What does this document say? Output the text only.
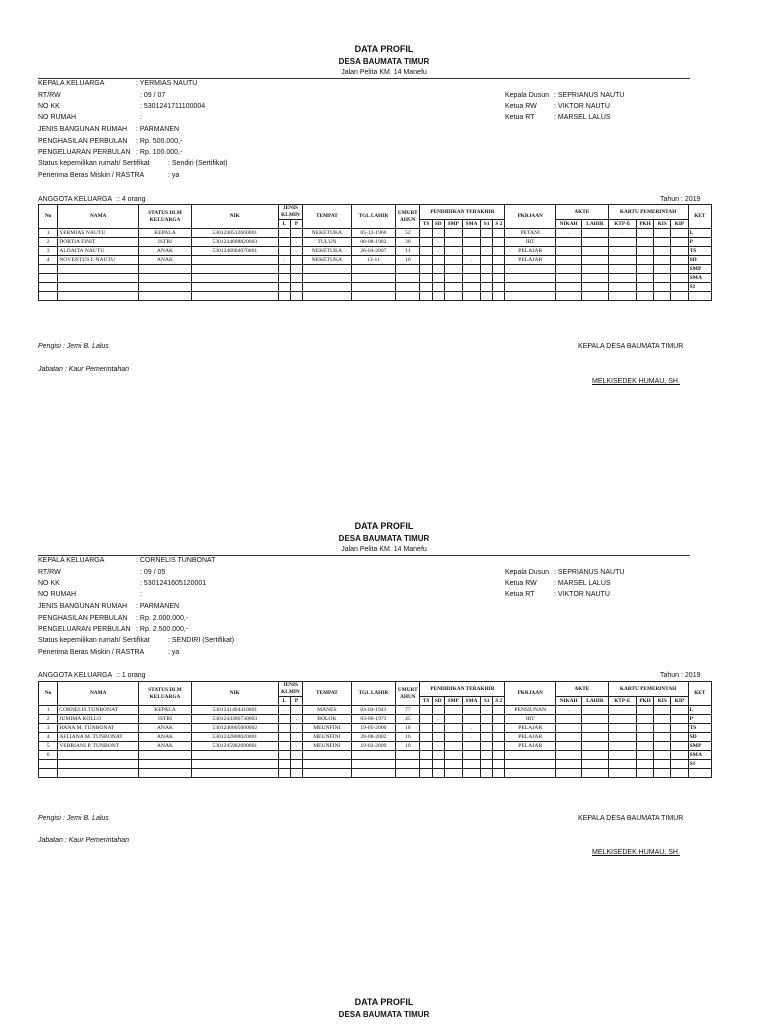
DATA PROFIL
DESA BAUMATA TIMUR
Jalan Pelita KM. 14 Manefu
KEPALA KELUARGA	: YERMIAS NAUTU
RT/RW	: 09 / 07
NO KK	: 5301241711100004
NO RUMAH	:
JENIS BANGUNAN RUMAH : PARMANEN
PENGHASILAN PERBULAN : Rp. 500.000,-
PENGELUARAN PERBULAN : Rp. 100.000,-
Status kepemilikan rumah/ Sertifikat	: Sendiri (Sertifikat)
Penerima Beras Miskin / RASTRA	: ya
Kepala Dusun : SEPRIANUS NAUTU
Ketua RW : VIKTOR NAUTU
Ketua RT	: MARSEL LALUS
ANGGOTA KELUARGA :: 4 orang	Tahun : 2019
No	NAMA	STATUS DLM KELUARGA	NIK	JENIS KLMIN		TEMPAT	TGL LAHIR	UMURT AHUN	PENDIDIKAN TERAKHIR						PKRJAAN	AKTE		KARTU PEMERINTAH				KET
				L	P				TS	SD	SMP	SMA	S1	S 2		NIKAH	LAHIR	KTP-E	PKH	KIS	KIP	
1	YERMIAS NAUTU	KEPALA	5301240512660001	.		NEKETUKA	05-12-1966	52		.					PETANI	.	.	.				L
2	DORTIA FINIT	ISTRI	5301244608820003		.	TULUN	06-08-1982	36		.	.				IRT							P
3	ALDAITA NAUTU	ANAK	5301246604070001		.	NEKETUKA	26-04-2007	11		.					PELAJAR							TS
4	NOVENTUS I. NAUTU	ANAK		.		NEKETUKA	13-11	16				.			PELAJAR							SD
																						SMP
					.																	SMA
																						S1

Pengisi : Jemi B. Lalus
Jabatan : Kaur Pemerintahan
KEPALA DESA BAUMATA TIMUR
MELKISEDEK HUMAU, SH.
DATA PROFIL
DESA BAUMATA TIMUR
Jalan Pelita KM. 14 Manefu
KEPALA KELUARGA	: CORNELIS TUNBONAT
RT/RW	: 09 / 05
NO KK	: 5301241605120001
NO RUMAH	:
JENIS BANGUNAN RUMAH : PARMANEN
PENGHASILAN PERBULAN : Rp. 2.000.000,-
PENGELUARAN PERBULAN : Rp. 2.500.000,-
Status kepemilikan rumah/ Sertifikat	: SENDIRI (Sertifikat)
Penerima Beras Miskin / RASTRA	: ya
Kepala Dusun : SEPRIANUS NAUTU
Ketua RW : MARSEL LALUS
Ketua RT	: VIKTOR NAUTU
ANGGOTA KELUARGA :: 1 orang	Tahun : 2019
No	NAMA	STATUS DLM KELUARGA	NIK	JENIS KLMIN		TEMPAT	TGL LAHIR	UMURT AHUN	PENDIDIKAN TERAKHIR						PKRJAAN	AKTE		KARTU PEMERINTAH				KET
				L	P				TS	SD	SMP	SMA	S1	S 2		NIKAH	LAHIR	KTP-E	PKH	KIS	KIP	
1	CORNELIS TUNBONAT	KEPALA	5301241404410001	.		MANES	04-04-1941	77					.		PENSIUNAN	.	.	.				L
2	JUMIMA KOLLO	ISTRI	5301244306730003		.	BOLOK	03-06-1973	45		.					IRT							P
3	HANA M. TUNBONAT	ANAK	5301246805000002		.	MEUNFINI	19-05-2000	18				.			PELAJAR							TS
4	AFLIANA M. TUNBONAT	ANAK	5301242808020001		.	MEUNFINI	28-08-2002	16				.			PELAJAR							SD
5	VEBRIANI P. TUNBONT	ANAK	5301245902090001		.	MEUNFINI	19-02-2009	10		.					PELAJAR							SMP
6																						SMA
																						S1

Pengisi : Jemi B. Lalus
Jabatan : Kaur Pemerintahan
KEPALA DESA BAUMATA TIMUR
MELKISEDEK HUMAU, SH.
DATA PROFIL
DESA BAUMATA TIMUR
